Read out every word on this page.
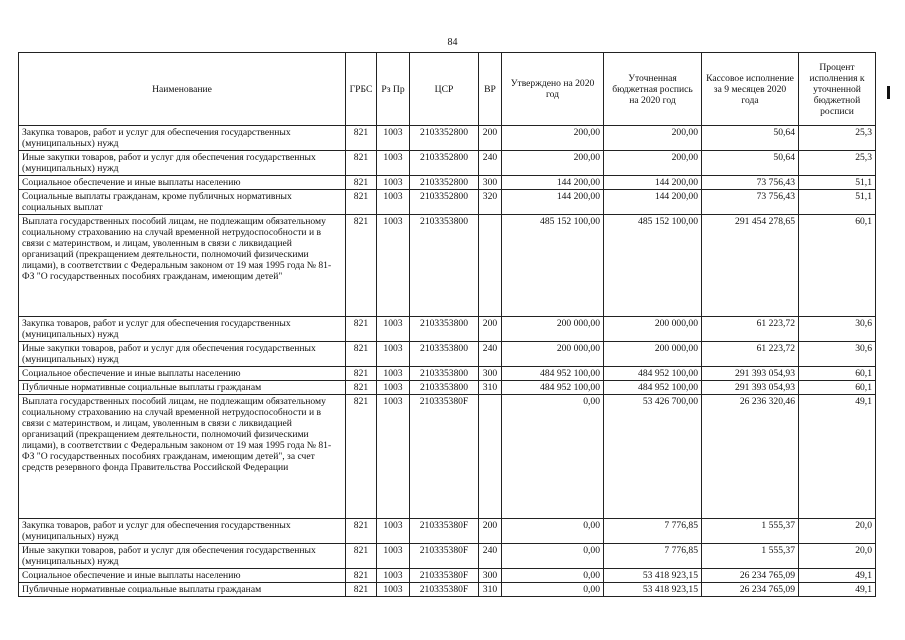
84
Наименование	ГРБС	Рз Пр	ЦСР	ВР	Утверждено на 2020 год	Уточненная бюджетная роспись на 2020 год	Кассовое исполнение за 9 месяцев 2020 года	Процент исполнения к уточненной бюджетной росписи
Закупка товаров, работ и услуг для обеспечения государственных (муниципальных) нужд	821	1003	2103352800	200	200,00	200,00	50,64	25,3
Иные закупки товаров, работ и услуг для обеспечения государственных (муниципальных) нужд	821	1003	2103352800	240	200,00	200,00	50,64	25,3
Социальное обеспечение и иные выплаты населению	821	1003	2103352800	300	144 200,00	144 200,00	73 756,43	51,1
Социальные выплаты гражданам, кроме публичных нормативных социальных выплат	821	1003	2103352800	320	144 200,00	144 200,00	73 756,43	51,1
Выплата государственных пособий лицам, не подлежащим обязательному социальному страхованию на случай временной нетрудоспособности и в связи с материнством, и лицам, уволенным в связи с ликвидацией организаций (прекращением деятельности, полномочий физическими лицами), в соответствии с Федеральным законом от 19 мая 1995 года № 81-ФЗ "О государственных пособиях гражданам, имеющим детей"	821	1003	2103353800		485 152 100,00	485 152 100,00	291 454 278,65	60,1
Закупка товаров, работ и услуг для обеспечения государственных (муниципальных) нужд	821	1003	2103353800	200	200 000,00	200 000,00	61 223,72	30,6
Иные закупки товаров, работ и услуг для обеспечения государственных (муниципальных) нужд	821	1003	2103353800	240	200 000,00	200 000,00	61 223,72	30,6
Социальное обеспечение и иные выплаты населению	821	1003	2103353800	300	484 952 100,00	484 952 100,00	291 393 054,93	60,1
Публичные нормативные социальные выплаты гражданам	821	1003	2103353800	310	484 952 100,00	484 952 100,00	291 393 054,93	60,1
Выплата государственных пособий лицам, не подлежащим обязательному социальному страхованию на случай временной нетрудоспособности и в связи с материнством, и лицам, уволенным в связи с ликвидацией организаций (прекращением деятельности, полномочий физическими лицами), в соответствии с Федеральным законом от 19 мая 1995 года № 81-ФЗ "О государственных пособиях гражданам, имеющим детей", за счет средств резервного фонда Правительства Российской Федерации	821	1003	210335380F		0,00	53 426 700,00	26 236 320,46	49,1
Закупка товаров, работ и услуг для обеспечения государственных (муниципальных) нужд	821	1003	210335380F	200	0,00	7 776,85	1 555,37	20,0
Иные закупки товаров, работ и услуг для обеспечения государственных (муниципальных) нужд	821	1003	210335380F	240	0,00	7 776,85	1 555,37	20,0
Социальное обеспечение и иные выплаты населению	821	1003	210335380F	300	0,00	53 418 923,15	26 234 765,09	49,1
Публичные нормативные социальные выплаты гражданам	821	1003	210335380F	310	0,00	53 418 923,15	26 234 765,09	49,1
